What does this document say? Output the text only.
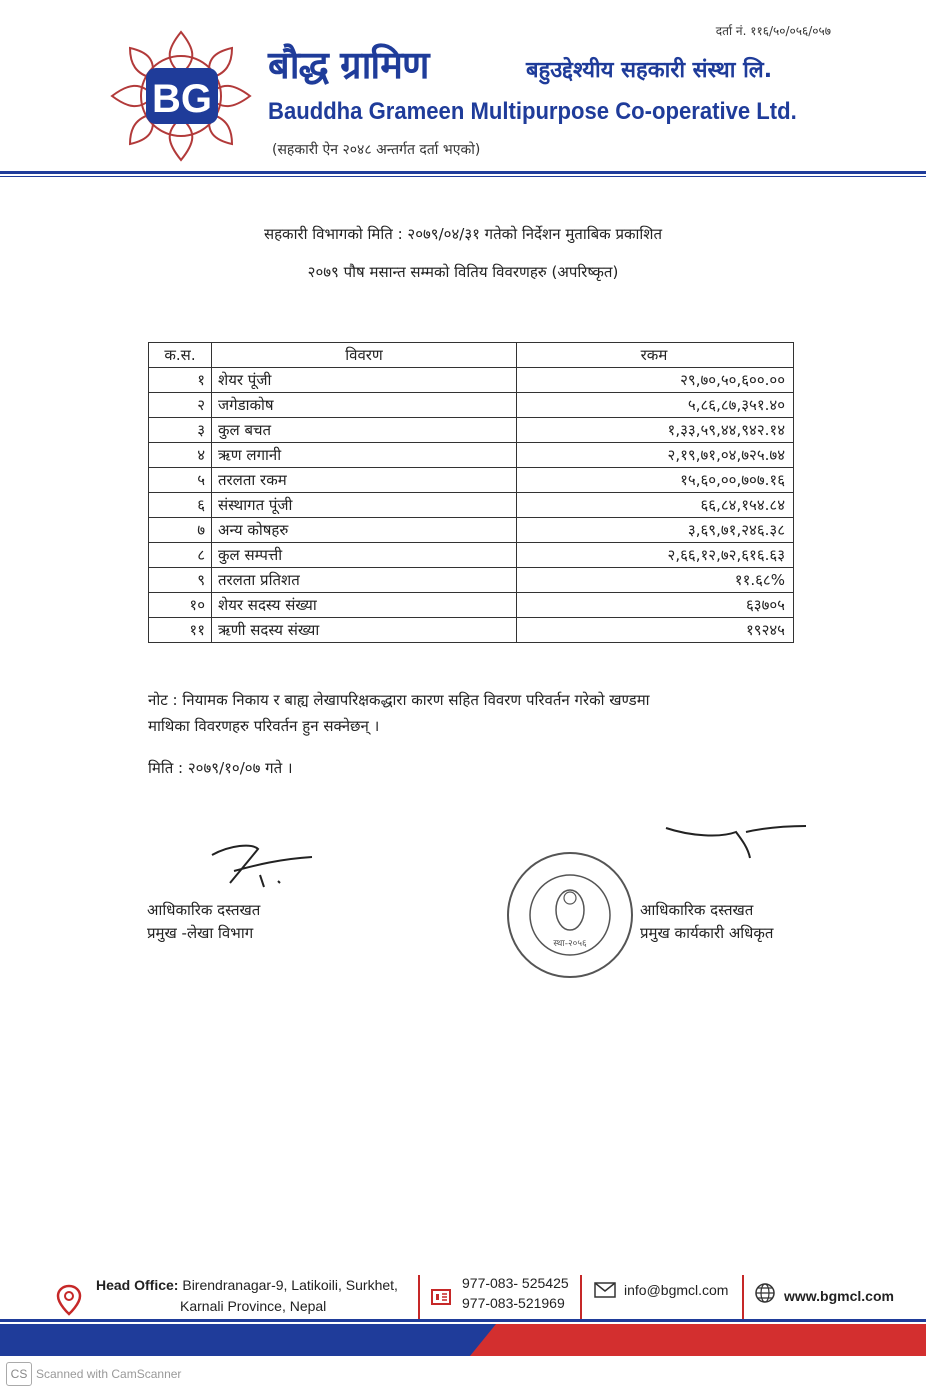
BG
दर्ता नं. ११६/५०/०५६/०५७
बौद्ध ग्रामिण	बहुउद्देश्यीय सहकारी संस्था लि.
Bauddha Grameen Multipurpose Co-operative Ltd.
(सहकारी ऐन २०४८ अन्तर्गत दर्ता भएको)
सहकारी विभागको मिति : २०७९/०४/३१ गतेको निर्देशन मुताबिक प्रकाशित
२०७९ पौष मसान्त सम्मको वितिय विवरणहरु (अपरिष्कृत)
क.स.	विवरण	रकम
१	शेयर पूंजी	२९,७०,५०,६००.००
२	जगेडाकोष	५,८६,८७,३५१.४०
३	कुल बचत	१,३३,५९,४४,९४२.१४
४	ऋण लगानी	२,१९,७१,०४,७२५.७४
५	तरलता रकम	१५,६०,००,७०७.१६
६	संस्थागत पूंजी	६६,८४,१५४.८४
७	अन्य कोषहरु	३,६९,७१,२४६.३८
८	कुल सम्पत्ती	२,६६,१२,७२,६१६.६३
९	तरलता प्रतिशत	११.६८%
१०	शेयर सदस्य संख्या	६३७०५
११	ऋणी सदस्य संख्या	१९२४५
नोट : नियामक निकाय र बाह्य लेखापरिक्षकद्धारा कारण सहित विवरण परिवर्तन गरेको खण्डमा
माथिका विवरणहरु परिवर्तन हुन सक्नेछन् ।
मिति : २०७९/१०/०७ गते ।
आधिकारिक दस्तखत
प्रमुख -लेखा विभाग
स्था-२०५६
आधिकारिक दस्तखत
प्रमुख कार्यकारी अधिकृत
Head Office: Birendranagar-9, Latikoili, Surkhet,
Karnali Province, Nepal
977-083- 525425
977-083-521969
info@bgmcl.com	www.bgmcl.com
CS Scanned with CamScanner
